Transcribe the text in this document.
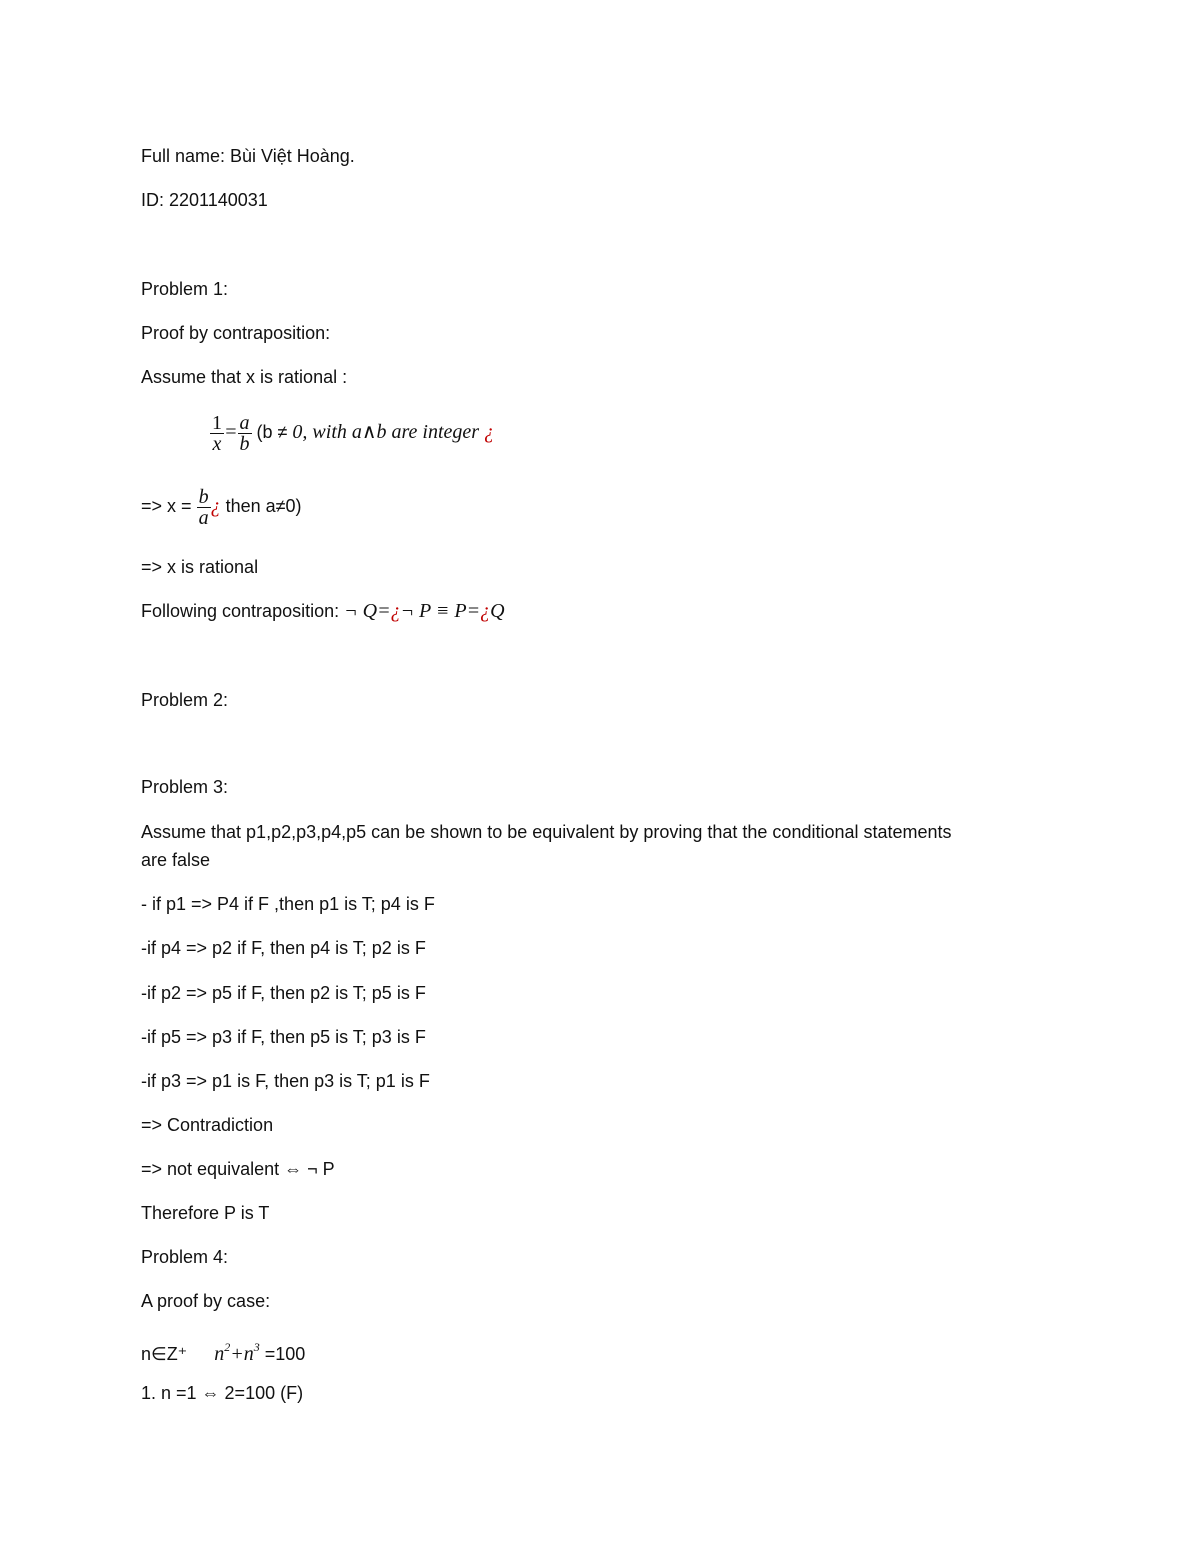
Full name: Bùi Việt Hoàng.
ID: 2201140031
Problem 1:
Proof by contraposition:
Assume that x is rational :
$\frac{1}{x} = \frac{a}{b} (b \ne 0$, with a∧b are integer ¿
=> $x = \frac{b}{a}$ ¿ then a≠0)
=> x is rational
Following contraposition: ¬ Q=¿¬ P ≡ P=¿Q
Problem 2:
Problem 3:
Assume that p1,p2,p3,p4,p5 can be shown to be equivalent by proving that the conditional statements
are false
- if p1 => P4 if F ,then p1 is T; p4 is F
-if p4 => p2 if F, then p4 is T; p2 is F
-if p2 => p5 if F, then p2 is T; p5 is F
-if p5 => p3 if F, then p5 is T; p3 is F
-if p3 => p1 is F, then p3 is T; p1 is F
=> Contradiction
=> not equivalent ⇔ ¬ P
Therefore P is T
Problem 4:
A proof by case:
n∈Z⁺ $n^2+n^3 =100$
1. n =1 ⇔ 2=100 (F)
